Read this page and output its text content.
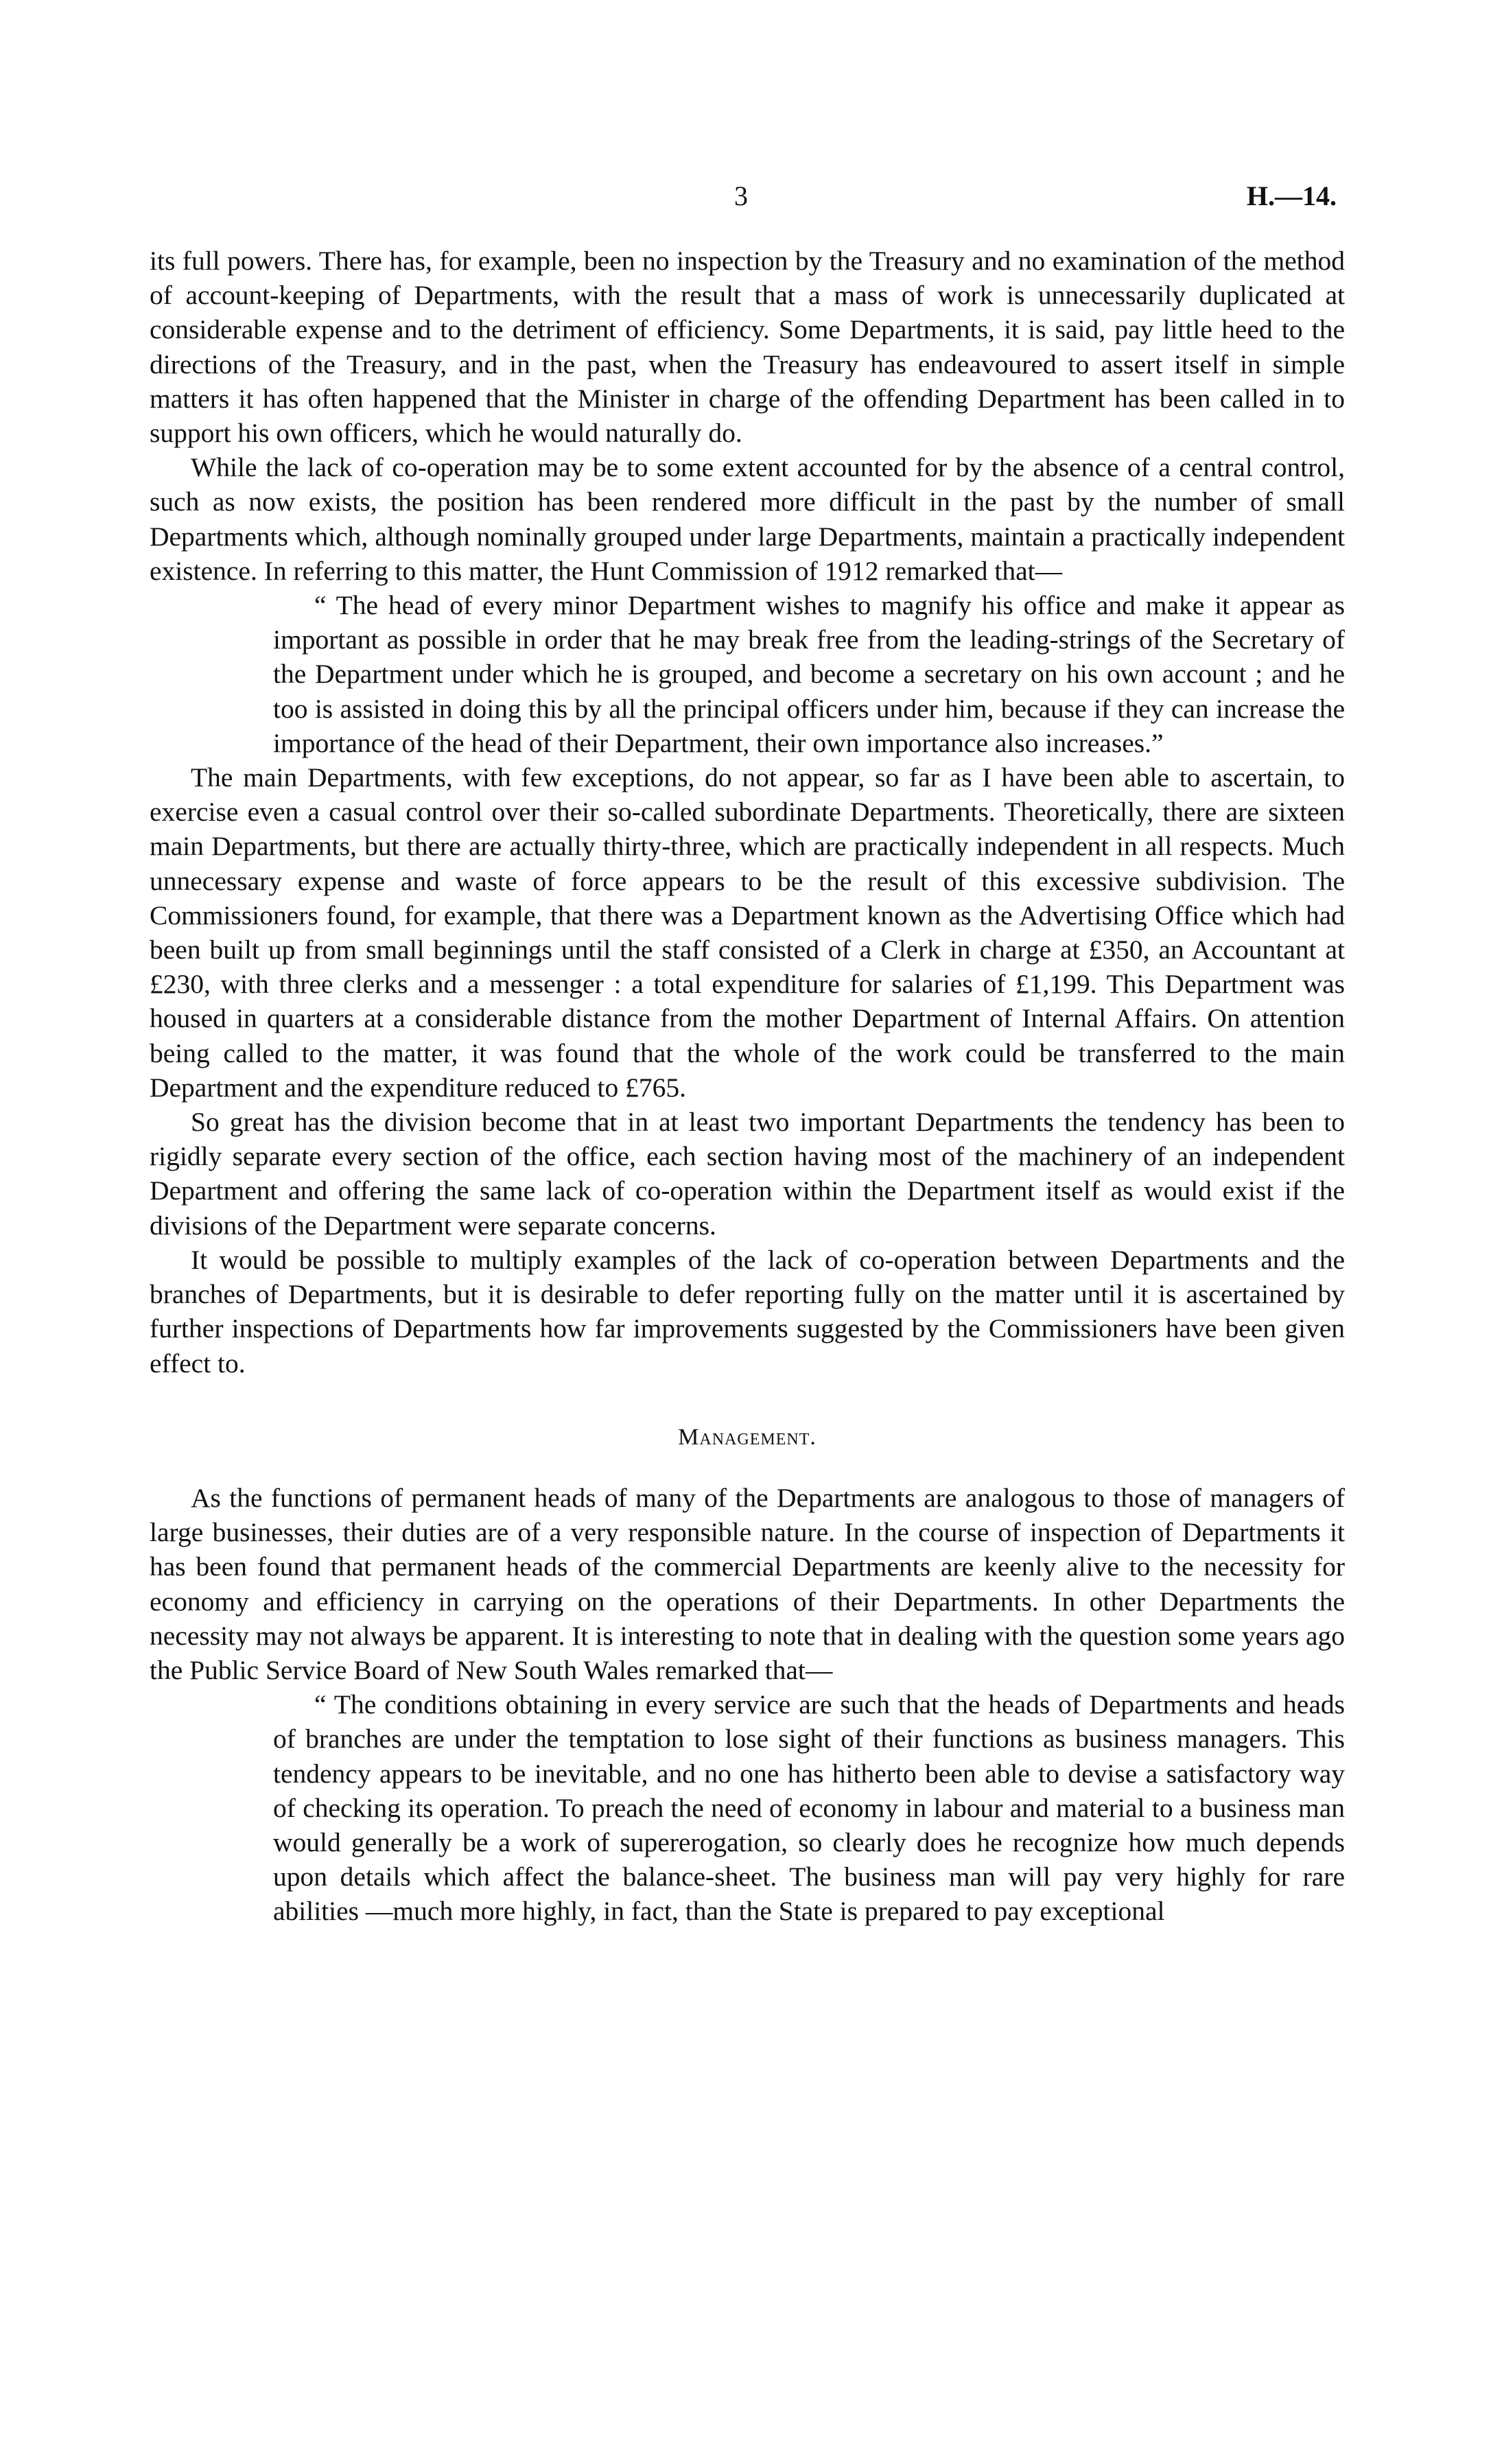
3	H.—14.

its full powers. There has, for example, been no inspection by the Treasury and no examination of the method of account-keeping of Departments, with the result that a mass of work is unnecessarily duplicated at considerable expense and to the detriment of efficiency. Some Departments, it is said, pay little heed to the directions of the Treasury, and in the past, when the Treasury has endeavoured to assert itself in simple matters it has often happened that the Minister in charge of the offending Department has been called in to support his own officers, which he would naturally do.

While the lack of co-operation may be to some extent accounted for by the absence of a central control, such as now exists, the position has been rendered more difficult in the past by the number of small Departments which, although nominally grouped under large Departments, maintain a practically independent existence. In referring to this matter, the Hunt Commission of 1912 remarked that—

“ The head of every minor Department wishes to magnify his office and make it appear as important as possible in order that he may break free from the leading-strings of the Secretary of the Department under which he is grouped, and become a secretary on his own account ; and he too is assisted in doing this by all the principal officers under him, because if they can increase the importance of the head of their Department, their own importance also increases.”

The main Departments, with few exceptions, do not appear, so far as I have been able to ascertain, to exercise even a casual control over their so-called subordinate Departments. Theoretically, there are sixteen main Departments, but there are actually thirty-three, which are practically independent in all respects. Much unnecessary expense and waste of force appears to be the result of this excessive subdivision. The Commissioners found, for example, that there was a Department known as the Advertising Office which had been built up from small beginnings until the staff consisted of a Clerk in charge at £350, an Accountant at £230, with three clerks and a messenger : a total expenditure for salaries of £1,199. This Department was housed in quarters at a considerable distance from the mother Department of Internal Affairs. On attention being called to the matter, it was found that the whole of the work could be transferred to the main Department and the expenditure reduced to £765.

So great has the division become that in at least two important Departments the tendency has been to rigidly separate every section of the office, each section having most of the machinery of an independent Department and offering the same lack of co-operation within the Department itself as would exist if the divisions of the Department were separate concerns.

It would be possible to multiply examples of the lack of co-operation between Departments and the branches of Departments, but it is desirable to defer reporting fully on the matter until it is ascertained by further inspections of Departments how far improvements suggested by the Commissioners have been given effect to.

Management.

As the functions of permanent heads of many of the Departments are analogous to those of managers of large businesses, their duties are of a very responsible nature. In the course of inspection of Departments it has been found that permanent heads of the commercial Departments are keenly alive to the necessity for economy and efficiency in carrying on the operations of their Departments. In other Departments the necessity may not always be apparent. It is interesting to note that in dealing with the question some years ago the Public Service Board of New South Wales remarked that—

“ The conditions obtaining in every service are such that the heads of Departments and heads of branches are under the temptation to lose sight of their functions as business managers. This tendency appears to be inevitable, and no one has hitherto been able to devise a satisfactory way of checking its operation. To preach the need of economy in labour and material to a business man would generally be a work of supererogation, so clearly does he recognize how much depends upon details which affect the balance-sheet. The business man will pay very highly for rare abilities —much more highly, in fact, than the State is prepared to pay exceptional
